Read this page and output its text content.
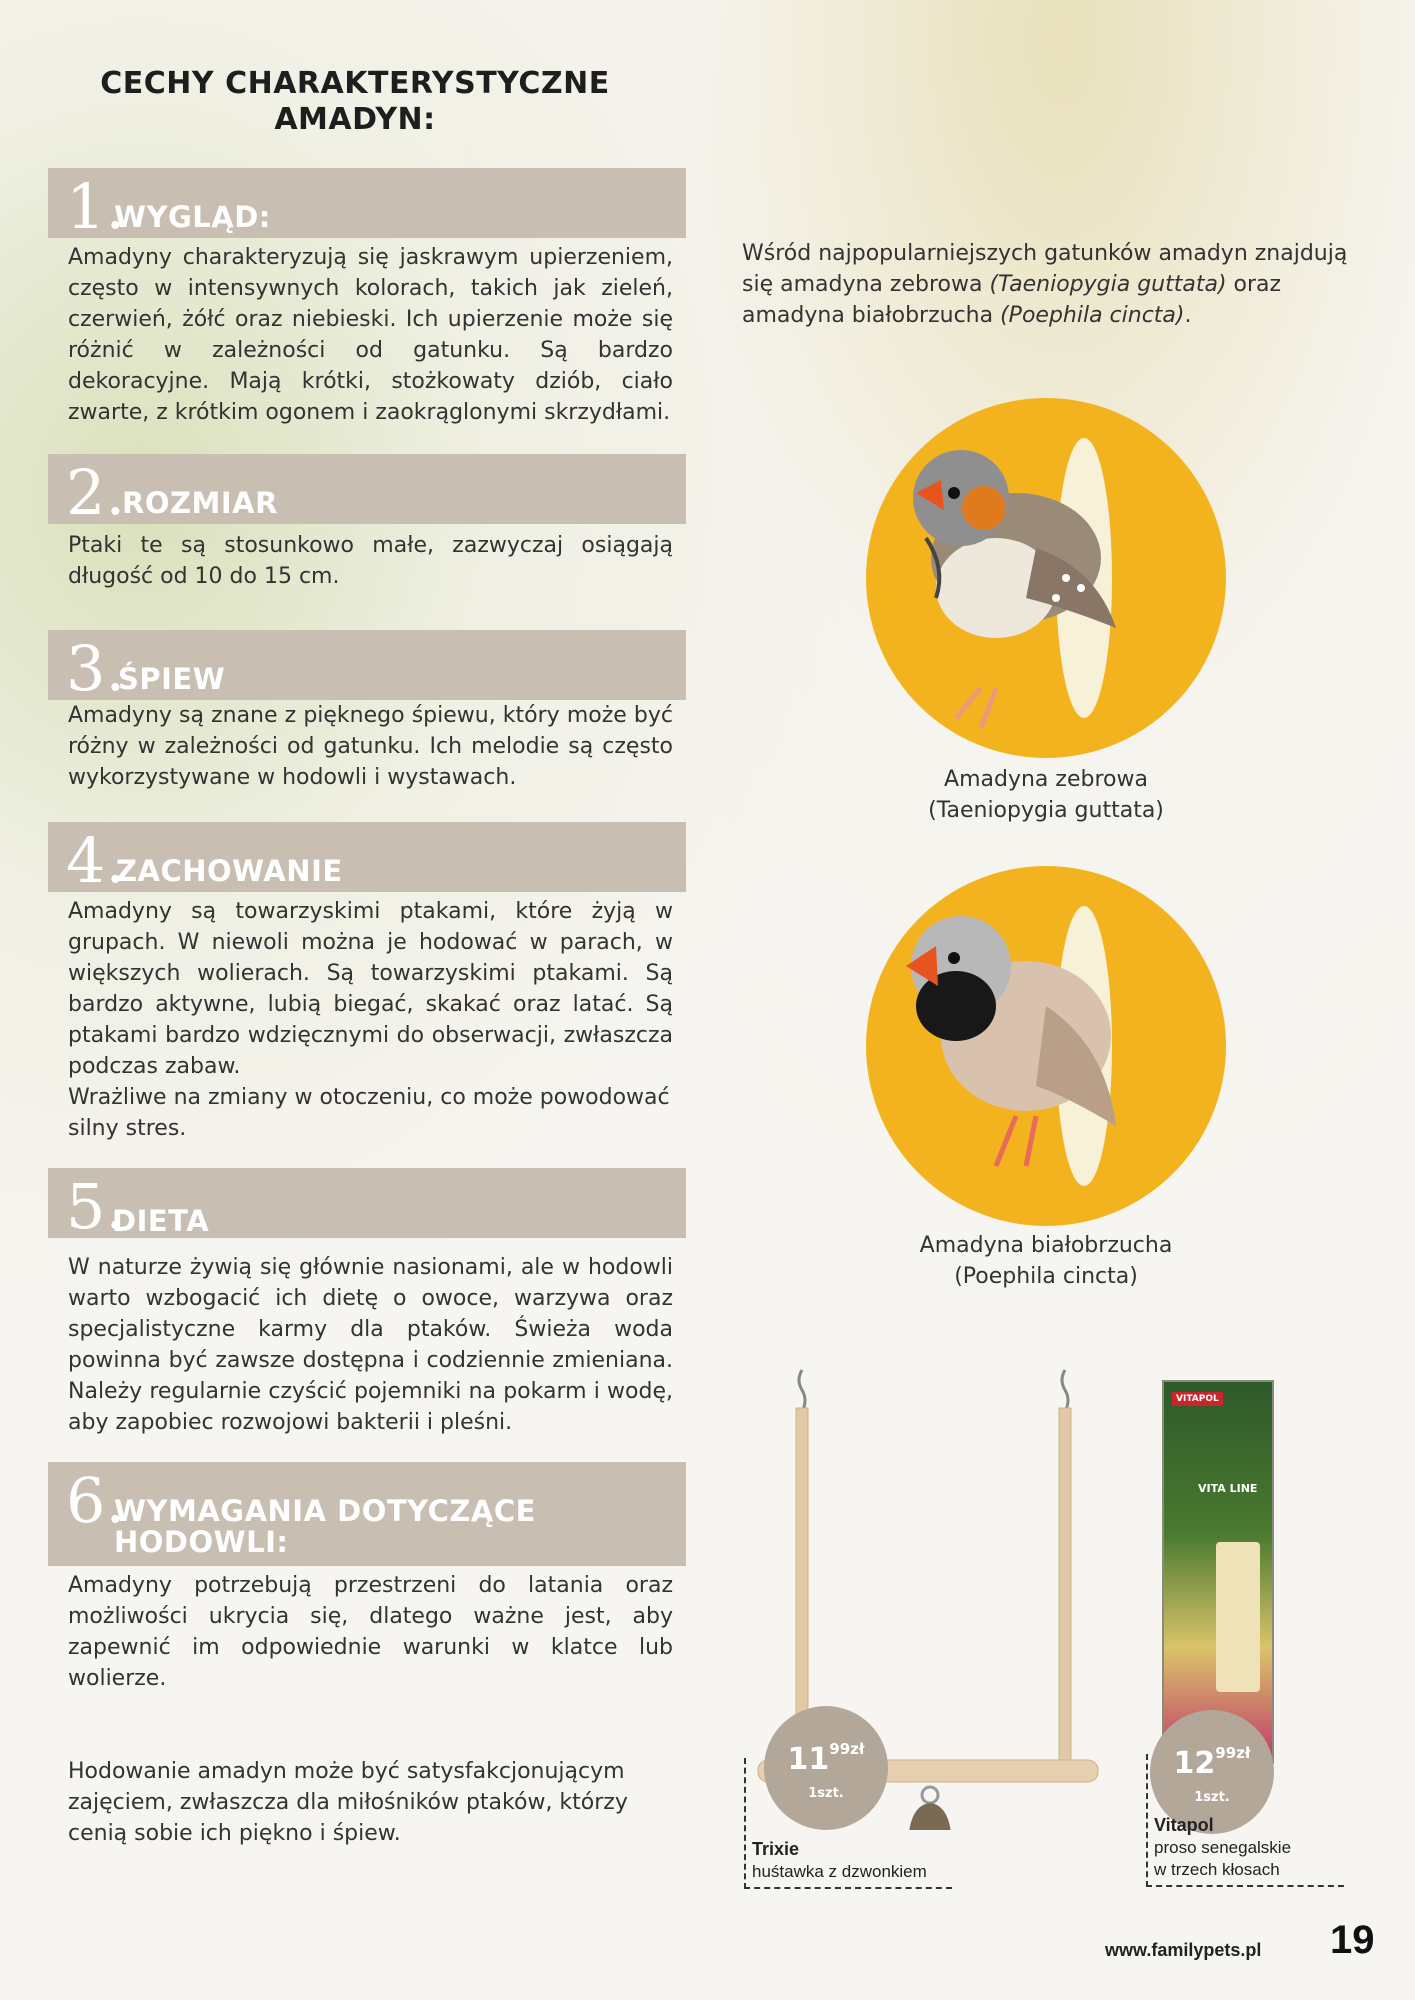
CECHY CHARAKTERYSTYCZNE AMADYN:
1.
WYGLĄD:
Amadyny charakteryzują się jaskrawym upierzeniem, często w intensywnych kolorach, takich jak zieleń, czerwień, żółć oraz niebieski. Ich upierzenie może się różnić w zależności od gatunku. Są bardzo dekoracyjne. Mają krótki, stożkowaty dziób, ciało zwarte, z krótkim ogonem i zaokrąglonymi skrzydłami.
2.
ROZMIAR
Ptaki te są stosunkowo małe, zazwyczaj osiągają długość od 10 do 15 cm.
3.
ŚPIEW
Amadyny są znane z pięknego śpiewu, który może być różny w zależności od gatunku. Ich melodie są często wykorzystywane w hodowli i wystawach.
4.
ZACHOWANIE
Amadyny są towarzyskimi ptakami, które żyją w grupach. W niewoli można je hodować w parach, w większych wolierach. Są towarzyskimi ptakami. Są bardzo aktywne, lubią biegać, skakać oraz latać. Są ptakami bardzo wdzięcznymi do obserwacji, zwłaszcza podczas zabaw.
Wrażliwe na zmiany w otoczeniu, co może powodować silny stres.
5.
DIETA
W naturze żywią się głównie nasionami, ale w hodowli warto wzbogacić ich dietę o owoce, warzywa oraz specjalistyczne karmy dla ptaków. Świeża woda powinna być zawsze dostępna i codziennie zmieniana. Należy regularnie czyścić pojemniki na pokarm i wodę, aby zapobiec rozwojowi bakterii i pleśni.
6.
WYMAGANIA DOTYCZĄCE HODOWLI:
Amadyny potrzebują przestrzeni do latania oraz możliwości ukrycia się, dlatego ważne jest, aby zapewnić im odpowiednie warunki w klatce lub wolierze.
Wśród najpopularniejszych gatunków amadyn znajdują się amadyna zebrowa (Taeniopygia guttata) oraz amadyna białobrzucha (Poephila cincta).
Amadyna zebrowa
(Taeniopygia guttata)
Amadyna białobrzucha
(Poephila cincta)
Hodowanie amadyn może być satysfakcjonującym zajęciem, zwłaszcza dla miłośników ptaków, którzy cenią sobie ich piękno i śpiew.
$11^{99zł}$
1szt.
Trixie
huśtawka z dzwonkiem
VITAPOL
VITA LINE
$12^{99zł}$
1szt.
Vitapol
proso senegalskie
w trzech kłosach
www.familypets.pl 19
